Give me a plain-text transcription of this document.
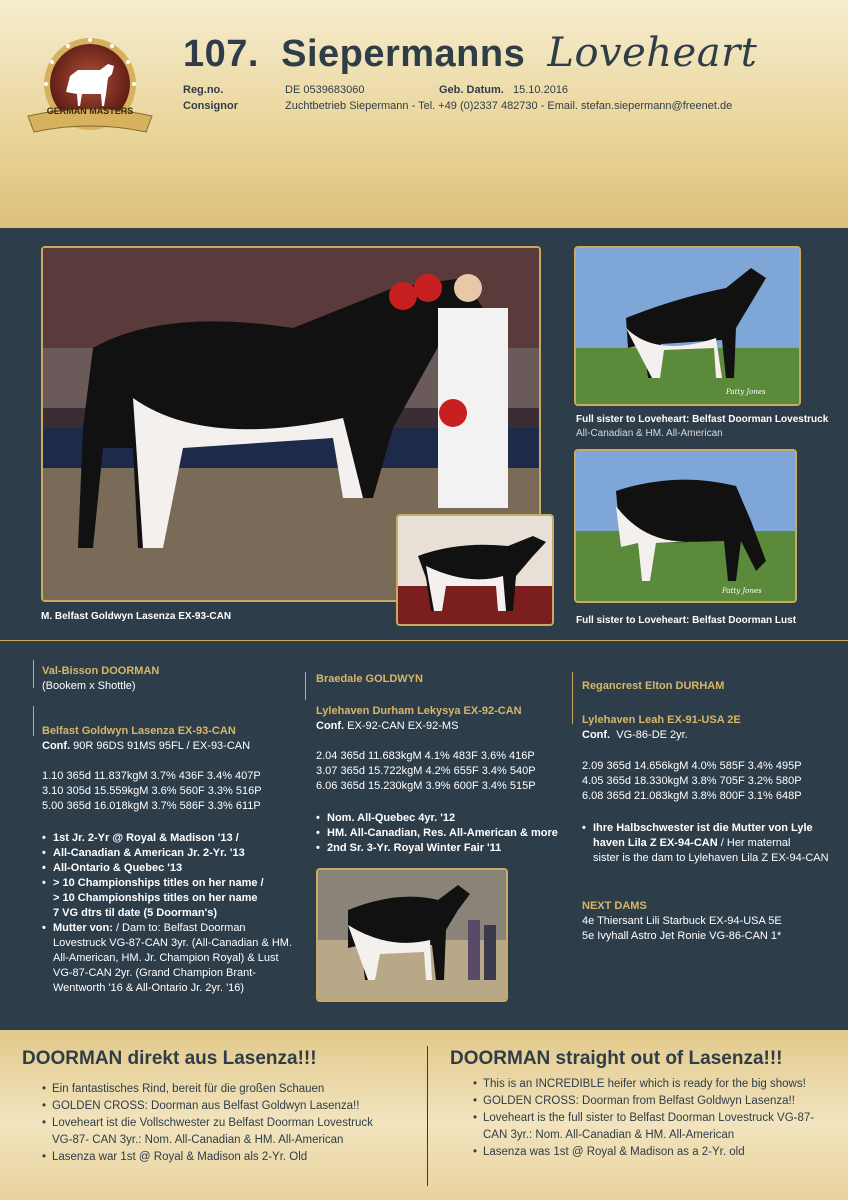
GERMAN MASTERS
107. Siepermanns Loveheart
Reg.no.	DE 0539683060	Geb. Datum. 15.10.2016
Consignor	Zuchtbetrieb Siepermann - Tel. +49 (0)2337 482730 - Email. stefan.siepermann@freenet.de
M. Belfast Goldwyn Lasenza EX-93-CAN
Patty Jones
Full sister to Loveheart: Belfast Doorman Lovestruck
All-Canadian & HM. All-American
Patty Jones
Full sister to Loveheart: Belfast Doorman Lust
Val-Bisson DOORMAN
(Bookem x Shottle)
Belfast Goldwyn Lasenza EX-93-CAN
Conf. 90R 96DS 91MS 95FL / EX-93-CAN
1.10 365d 11.837kgM 3.7% 436F 3.4% 407P
3.10 305d 15.559kgM 3.6% 560F 3.3% 516P
5.00 365d 16.018kgM 3.7% 586F 3.3% 611P
• 1st Jr. 2-Yr @ Royal & Madison '13 /
• All-Canadian & American Jr. 2-Yr. '13
• All-Ontario & Quebec '13
• > 10 Championships titles on her name /
> 10 Championships titles on her name
7 VG dtrs til date (5 Doorman's)
• Mutter von: / Dam to: Belfast Doorman
Lovestruck VG-87-CAN 3yr. (All-Canadian & HM.
All-American, HM. Jr. Champion Royal) & Lust
VG-87-CAN 2yr. (Grand Champion Brant-
Wentworth '16 & All-Ontario Jr. 2yr. '16)
Braedale GOLDWYN
Lylehaven Durham Lekysya EX-92-CAN
Conf. EX-92-CAN EX-92-MS
2.04 365d 11.683kgM 4.1% 483F 3.6% 416P
3.07 365d 15.722kgM 4.2% 655F 3.4% 540P
6.06 365d 15.230kgM 3.9% 600F 3.4% 515P
• Nom. All-Quebec 4yr. '12
• HM. All-Canadian, Res. All-American & more
• 2nd Sr. 3-Yr. Royal Winter Fair '11
Regancrest Elton DURHAM
Lylehaven Leah EX-91-USA 2E
Conf. VG-86-DE 2yr.
2.09 365d 14.656kgM 4.0% 585F 3.4% 495P
4.05 365d 18.330kgM 3.8% 705F 3.2% 580P
6.08 365d 21.083kgM 3.8% 800F 3.1% 648P
• Ihre Halbschwester ist die Mutter von Lyle
haven Lila Z EX-94-CAN / Her maternal
sister is the dam to Lylehaven Lila Z EX-94-CAN
NEXT DAMS
4e Thiersant Lili Starbuck EX-94-USA 5E
5e Ivyhall Astro Jet Ronie VG-86-CAN 1*
DOORMAN direkt aus Lasenza!!!
• Ein fantastisches Rind, bereit für die großen Schauen
• GOLDEN CROSS: Doorman aus Belfast Goldwyn Lasenza!!
• Loveheart ist die Vollschwester zu Belfast Doorman Lovestruck
VG-87- CAN 3yr.: Nom. All-Canadian & HM. All-American
• Lasenza war 1st @ Royal & Madison als 2-Yr. Old
DOORMAN straight out of Lasenza!!!
• This is an INCREDIBLE heifer which is ready for the big shows!
• GOLDEN CROSS: Doorman from Belfast Goldwyn Lasenza!!
• Loveheart is the full sister to Belfast Doorman Lovestruck VG-87-
CAN 3yr.: Nom. All-Canadian & HM. All-American
• Lasenza was 1st @ Royal & Madison as a 2-Yr. old
